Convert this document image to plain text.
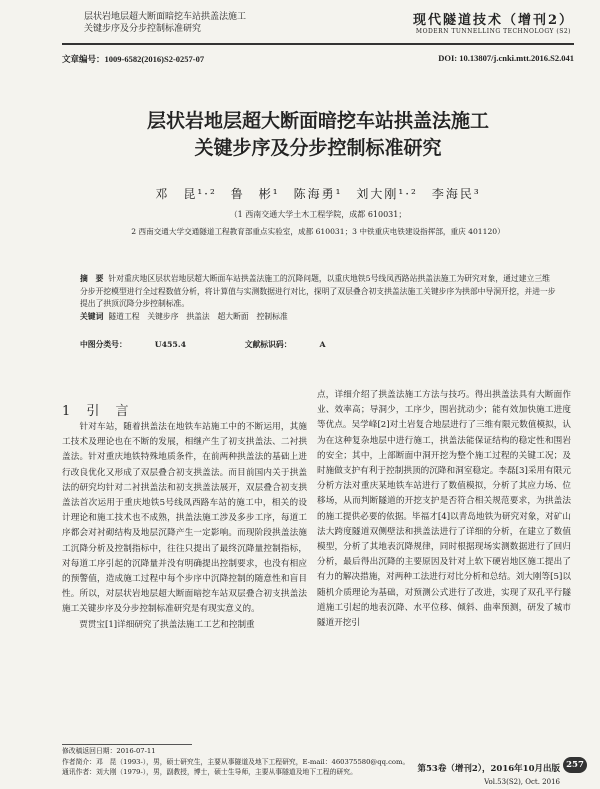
层状岩地层超大断面暗挖车站拱盖法施工
关键步序及分步控制标准研究
现代隧道技术（增刊2）
MODERN TUNNELLING TECHNOLOGY (S2)
文章编号：1009-6582(2016)S2-0257-07	DOI: 10.13807/j.cnki.mtt.2016.S2.041
层状岩地层超大断面暗挖车站拱盖法施工
关键步序及分步控制标准研究
邓　昆¹·²　鲁　彬¹　陈海勇¹　刘大刚¹·²　李海民³
（1 西南交通大学土木工程学院，成都 610031；
2 西南交通大学交通隧道工程教育部重点实验室，成都 610031；3 中铁重庆电铁建设指挥部，重庆 401120）
摘　要 针对重庆地区层状岩地层超大断面车站拱盖法施工的沉降问题，以重庆地铁5号线凤西路站拱盖法施工为研究对象，通过建立三维分步开挖模型进行全过程数值分析，将计算值与实测数据进行对比，探明了双层叠合初支拱盖法施工关键步序为拱部中导洞开挖，并进一步提出了拱顶沉降分步控制标准。
关键词 隧道工程　关键步序　拱盖法　超大断面　控制标准
中图分类号：	U455.4	文献标识码：	A
1 引 言

　　针对车站，随着拱盖法在地铁车站施工中的不断运用，其施工技术及理论也在不断的发展，相继产生了初支拱盖法、二衬拱盖法。针对重庆地铁特殊地质条件，在前两种拱盖法的基础上进行改良优化又形成了双层叠合初支拱盖法。而目前国内关于拱盖法的研究均针对二衬拱盖法和初支拱盖法展开，双层叠合初支拱盖法首次运用于重庆地铁5号线凤西路车站的施工中，相关的设计理论和施工技术也不成熟，拱盖法施工涉及多步工序，每道工序都会对衬砌结构及地层沉降产生一定影响。而现阶段拱盖法施工沉降分析及控制指标中，往往只提出了最终沉降量控制指标，对每道工序引起的沉降量并没有明确提出控制要求，也没有相应的预警值，造成施工过程中每个步序中沉降控制的随意性和盲目性。所以，对层状岩地层超大断面暗挖车站双层叠合初支拱盖法施工关键步序及分步控制标准研究是有现实意义的。

　　贾贯宝[1]详细研究了拱盖法施工工艺和控制重

点，详细介绍了拱盖法施工方法与技巧。得出拱盖法具有大断面作业、效率高；导洞少，工序少，围岩扰动少；能有效加快施工进度等优点。吴学峰[2]对土岩复合地层进行了三维有限元数值模拟，认为在这种复杂地层中进行施工，拱盖法能保证结构的稳定性和围岩的安全；其中，上部断面中洞开挖为整个施工过程的关键工况；及时施做支护有利于控制拱顶的沉降和洞室稳定。李磊[3]采用有限元分析方法对重庆某地铁车站进行了数值模拟，分析了其应力场、位移场，从而判断隧道的开挖支护是否符合相关规范要求，为拱盖法的施工提供必要的依据。毕福才[4]以青岛地铁为研究对象，对矿山法大跨度隧道双侧壁法和拱盖法进行了详细的分析，在建立了数值模型，分析了其地表沉降规律，同时根据现场实测数据进行了回归分析，最后得出沉降的主要原因及针对上软下硬岩地区施工提出了有力的解决措施，对两种工法进行对比分析和总结。刘大刚等[5]以随机介质理论为基础，对预测公式进行了改进，实现了双孔平行隧道施工引起的地表沉降、水平位移、倾斜、曲率预测，研发了城市隧道开挖引

修改稿返回日期：2016-07-11
作者简介：邓　昆（1993-），男，硕士研究生，主要从事隧道及地下工程研究，E-mail：460375580@qq.com。
通讯作者：刘大刚（1979-），男，副教授，博士，硕士生导师，主要从事隧道及地下工程的研究。	第53卷（增刊2），2016年10月出版 257
Vol.53(S2), Oct. 2016
